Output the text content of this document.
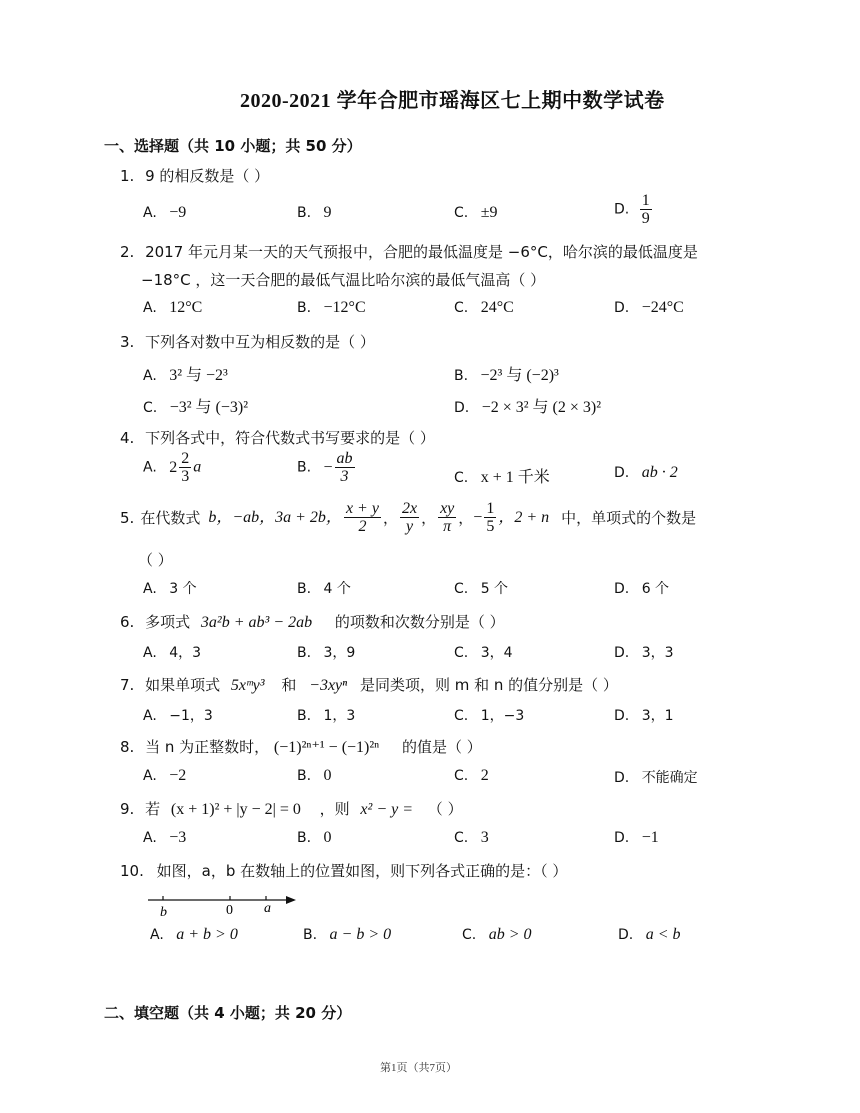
2020-2021 学年合肥市瑶海区七上期中数学试卷
一、选择题（共 10 小题；共 50 分）
1. 9 的相反数是（ ）
A. −9	B. 9	C. ±9	D. $\frac{1}{9}$
2. 2017 年元月某一天的天气预报中，合肥的最低温度是 −6°C，哈尔滨的最低温度是
−18°C ，这一天合肥的最低气温比哈尔滨的最低气温高（ ）
A. 12°C	B. −12°C	C. 24°C	D. −24°C
3. 下列各对数中互为相反数的是（ ）
A. 3² 与 −2³	B. −2³ 与 (−2)³
C. −3² 与 (−3)²	D. −2 × 3² 与 (2 × 3)²
4. 下列各式中，符合代数式书写要求的是（ ）
A. $2 \frac{2}{3}$ a	B. − $\frac{ab}{3}$	C. x + 1 千米	D. ab · 2
5. 在代数式 b，−ab，3a + 2b， $\frac{x + y}{2}$ ， $\frac{2x}{y}$ ， $\frac{xy}{\pi}$ ， − $\frac{1}{5}$ ，2 + n 中，单项式的个数是
（ ）
A. 3 个	B. 4 个	C. 5 个	D. 6 个
6. 多项式 3a²b + ab³ − 2ab 的项数和次数分别是（ ）
A. 4，3	B. 3，9	C. 3，4	D. 3，3
7. 如果单项式 5xᵐy³ 和 −3xyⁿ 是同类项，则 m 和 n 的值分别是（ ）
A. −1，3	B. 1，3	C. 1，−3	D. 3，1
8. 当 n 为正整数时， (−1)²ⁿ⁺¹ − (−1)²ⁿ 的值是（ ）
A. −2	B. 0	C. 2	D. 不能确定
9. 若 (x + 1)² + |y − 2| = 0 ，则 x² − y = （ ）
A. −3	B. 0	C. 3	D. −1
10. 如图，a，b 在数轴上的位置如图，则下列各式正确的是：（ ）
b	0 a
A. a + b > 0	B. a − b > 0	C. ab > 0	D. a < b
二、填空题（共 4 小题；共 20 分）
第1页（共7页）
